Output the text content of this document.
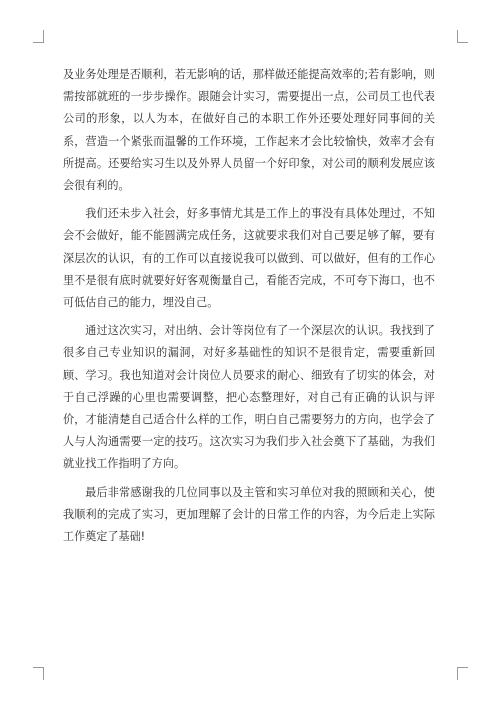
及业务处理是否顺利，若无影响的话，那样做还能提高效率的;若有影响，则需按部就班的一步步操作。跟随会计实习，需要提出一点，公司员工也代表公司的形象，以人为本，在做好自己的本职工作外还要处理好同事间的关系，营造一个紧张而温馨的工作环境，工作起来才会比较愉快，效率才会有所提高。还要给实习生以及外界人员留一个好印象，对公司的顺利发展应该会很有利的。

我们还未步入社会，好多事情尤其是工作上的事没有具体处理过，不知会不会做好，能不能圆满完成任务，这就要求我们对自己要足够了解，要有深层次的认识，有的工作可以直接说我可以做到、可以做好，但有的工作心里不是很有底时就要好好客观衡量自己，看能否完成，不可夸下海口，也不可低估自己的能力，埋没自己。

通过这次实习，对出纳、会计等岗位有了一个深层次的认识。我找到了很多自己专业知识的漏洞，对好多基础性的知识不是很肯定，需要重新回顾、学习。我也知道对会计岗位人员要求的耐心、细致有了切实的体会，对于自己浮躁的心里也需要调整，把心态整理好，对自己有正确的认识与评价，才能清楚自己适合什么样的工作，明白自己需要努力的方向，也学会了人与人沟通需要一定的技巧。这次实习为我们步入社会奠下了基础，为我们就业找工作指明了方向。

最后非常感谢我的几位同事以及主管和实习单位对我的照顾和关心，使我顺利的完成了实习，更加理解了会计的日常工作的内容，为今后走上实际工作奠定了基础!
